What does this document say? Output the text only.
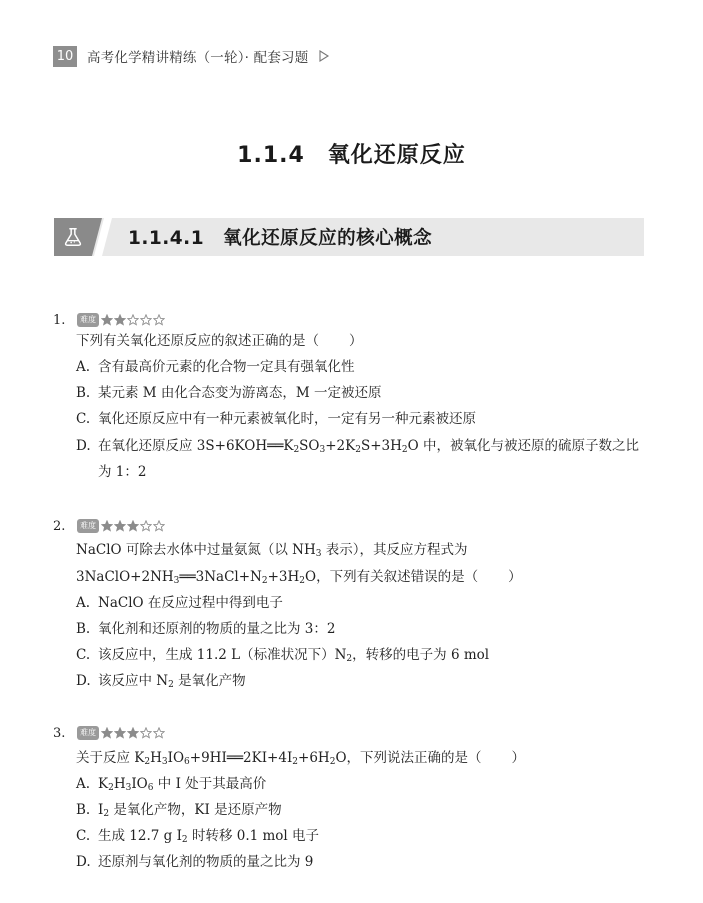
10 高考化学精讲精练（一轮）· 配套习题
1.1.4　氧化还原反应
1.1.4.1　氧化还原反应的核心概念
1.	难度
下列有关氧化还原反应的叙述正确的是（ ）
A. 含有最高价元素的化合物一定具有强氧化性
B. 某元素 M 由化合态变为游离态，M 一定被还原
C. 氧化还原反应中有一种元素被氧化时，一定有另一种元素被还原
D. 在氧化还原反应 $3S+6KOH══K_2SO_3+2K_2S+3H_2O$ 中，被氧化与被还原的硫原子数之比
为 1：2
2.	难度
NaClO 可除去水体中过量氨氮（以 $NH_3$ 表示），其反应方程式为
$3NaClO+2NH_3══3NaCl+N_2+3H_2O$，下列有关叙述错误的是（ ）
A. NaClO 在反应过程中得到电子
B. 氧化剂和还原剂的物质的量之比为 3：2
C. 该反应中，生成 11.2 L（标准状况下）$N_2$，转移的电子为 6 mol
D. 该反应中 $N_2$ 是氧化产物
3.	难度
关于反应 $K_2H_3IO_6+9HI══2KI+4I_2+6H_2O$，下列说法正确的是（ ）
A. $K_2H_3IO_6$ 中 I 处于其最高价
B. $I_2$ 是氧化产物，KI 是还原产物
C. 生成 12.7 g $I_2$ 时转移 0.1 mol 电子
D. 还原剂与氧化剂的物质的量之比为 9
